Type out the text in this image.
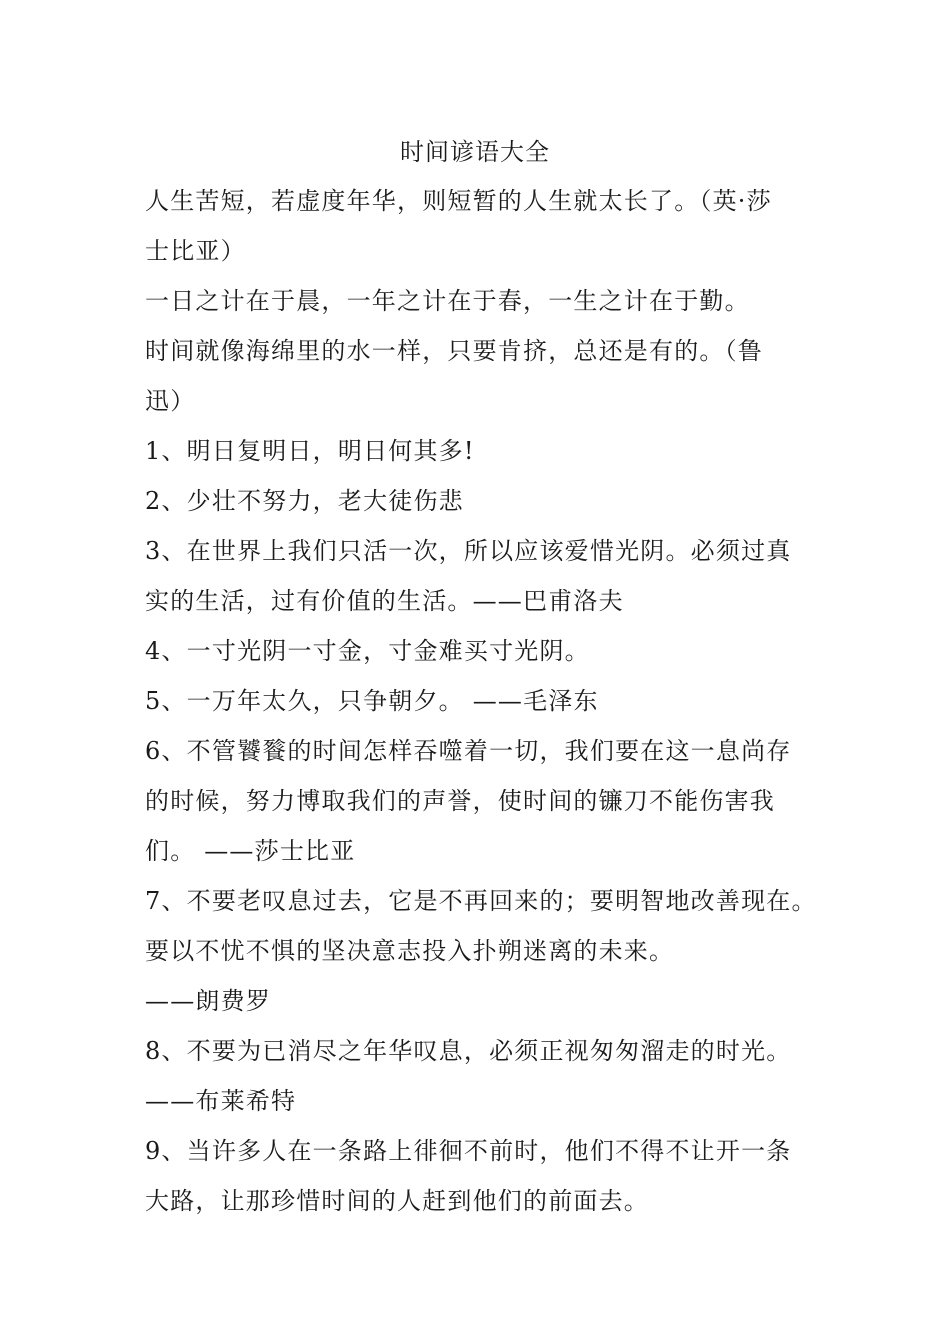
时间谚语大全
人生苦短，若虚度年华，则短暂的人生就太长了。（英·莎
士比亚）
一日之计在于晨，一年之计在于春，一生之计在于勤。
时间就像海绵里的水一样，只要肯挤，总还是有的。（鲁
迅）
1、明日复明日，明日何其多!
2、少壮不努力，老大徒伤悲
3、在世界上我们只活一次，所以应该爱惜光阴。必须过真
实的生活，过有价值的生活。——巴甫洛夫
4、一寸光阴一寸金，寸金难买寸光阴。
5、一万年太久，只争朝夕。 ——毛泽东
6、不管饕餮的时间怎样吞噬着一切，我们要在这一息尚存
的时候，努力博取我们的声誉，使时间的镰刀不能伤害我
们。 ——莎士比亚
7、不要老叹息过去，它是不再回来的；要明智地改善现在。
要以不忧不惧的坚决意志投入扑朔迷离的未来。
——朗费罗
8、不要为已消尽之年华叹息，必须正视匆匆溜走的时光。
——布莱希特
9、当许多人在一条路上徘徊不前时，他们不得不让开一条
大路，让那珍惜时间的人赶到他们的前面去。
